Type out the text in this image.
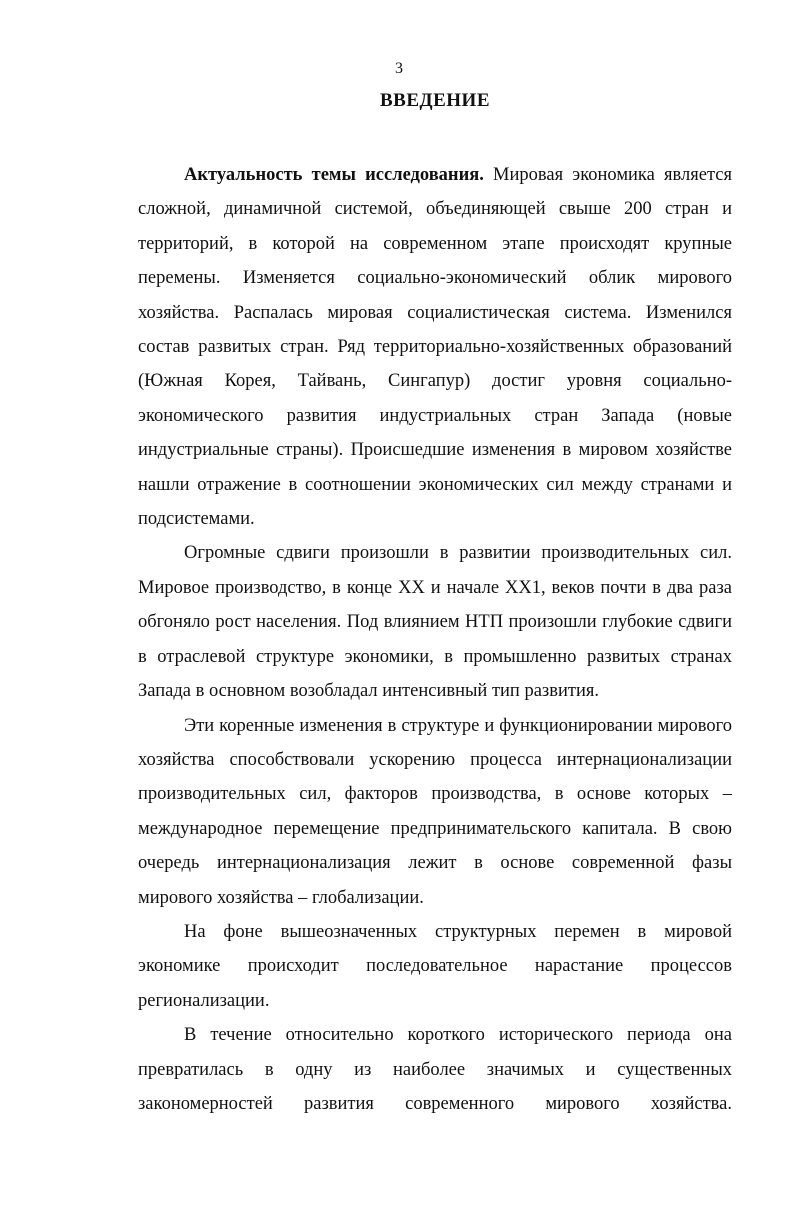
3
ВВЕДЕНИЕ

Актуальность темы исследования. Мировая экономика является сложной, динамичной системой, объединяющей свыше 200 стран и территорий, в которой на современном этапе происходят крупные перемены. Изменяется социально-экономический облик мирового хозяйства. Распалась мировая социалистическая система. Изменился состав развитых стран. Ряд территориально-хозяйственных образований (Южная Корея, Тайвань, Сингапур) достиг уровня социально-экономического развития индустриальных стран Запада (новые индустриальные страны). Происшедшие изменения в мировом хозяйстве нашли отражение в соотношении экономических сил между странами и подсистемами.

Огромные сдвиги произошли в развитии производительных сил. Мировое производство, в конце XX и начале XX1, веков почти в два раза обгоняло рост населения. Под влиянием НТП произошли глубокие сдвиги в отраслевой структуре экономики, в промышленно развитых странах Запада в основном возобладал интенсивный тип развития.

Эти коренные изменения в структуре и функционировании мирового хозяйства способствовали ускорению процесса интернационализации производительных сил, факторов производства, в основе которых – международное перемещение предпринимательского капитала. В свою очередь интернационализация лежит в основе современной фазы мирового хозяйства – глобализации.

На фоне вышеозначенных структурных перемен в мировой экономике происходит последовательное нарастание процессов регионализации.

В течение относительно короткого исторического периода она превратилась в одну из наиболее значимых и существенных закономерностей развития современного мирового хозяйства.
